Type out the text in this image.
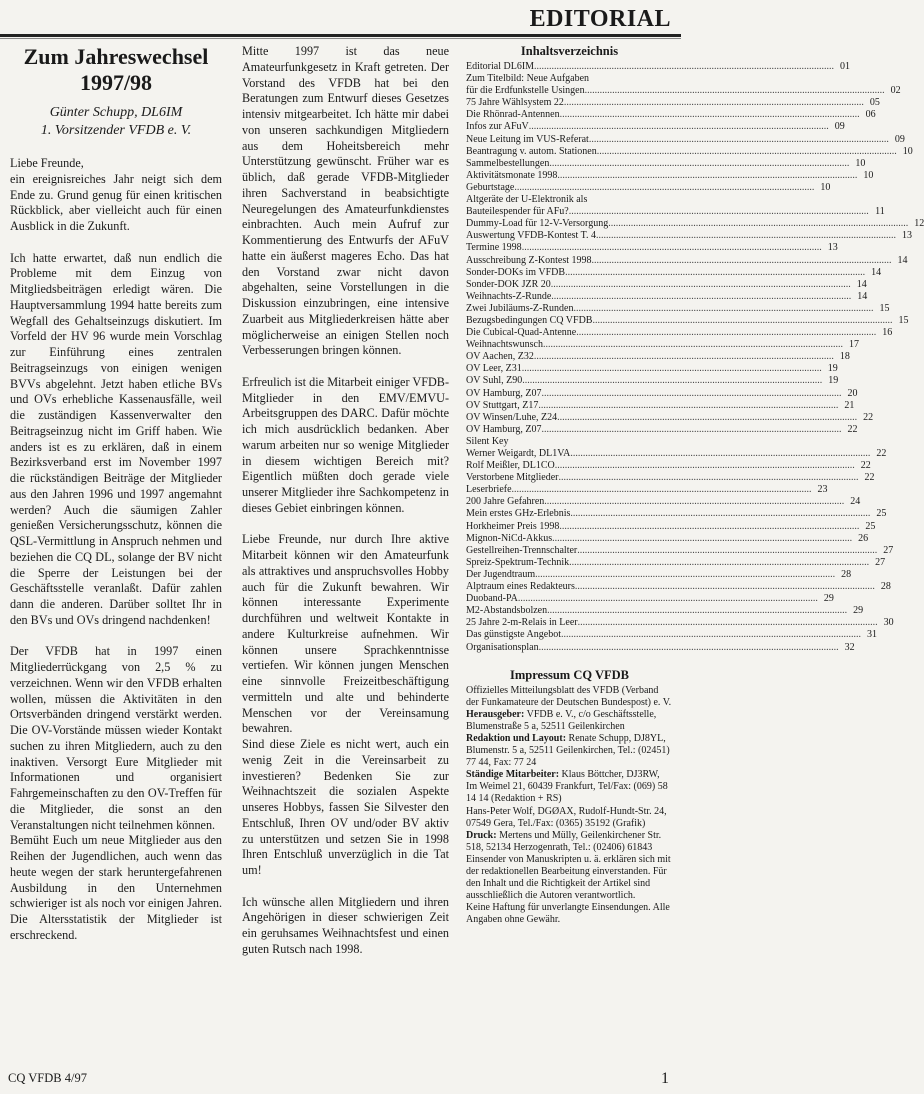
EDITORIAL
Zum Jahreswechsel 1997/98
Günter Schupp, DL6IM
1. Vorsitzender VFDB e. V.

Liebe Freunde,
ein ereignisreiches Jahr neigt sich dem Ende zu. Grund genug für einen kritischen Rückblick, aber vielleicht auch für einen Ausblick in die Zukunft.

Ich hatte erwartet, daß nun endlich die Probleme mit dem Einzug von Mitgliedsbeiträgen erledigt wären. Die Hauptversammlung 1994 hatte bereits zum Wegfall des Gehaltseinzugs diskutiert. Im Vorfeld der HV 96 wurde mein Vorschlag zur Einführung eines zentralen Beitragseinzugs von einigen wenigen BVVs abgelehnt. Jetzt haben etliche BVs und OVs erhebliche Kassenausfälle, weil die zuständigen Kassenverwalter den Beitragseinzug nicht im Griff haben. Wie anders ist es zu erklären, daß in einem Bezirksverband erst im November 1997 die rückständigen Beiträge der Mitglieder aus den Jahren 1996 und 1997 angemahnt werden? Auch die säumigen Zahler genießen Versicherungsschutz, können die QSL-Vermittlung in Anspruch nehmen und beziehen die CQ DL, solange der BV nicht die Sperre der Leistungen bei der Geschäftsstelle veranlaßt. Dafür zahlen dann die anderen. Darüber solltet Ihr in den BVs und OVs dringend nachdenken!

Der VFDB hat in 1997 einen Mitgliederrückgang von 2,5 % zu verzeichnen. Wenn wir den VFDB erhalten wollen, müssen die Aktivitäten in den Ortsverbänden dringend verstärkt werden. Die OV-Vorstände müssen wieder Kontakt suchen zu ihren Mitgliedern, auch zu den inaktiven. Versorgt Eure Mitglieder mit Informationen und organisiert Fahrgemeinschaften zu den OV-Treffen für die Mitglieder, die sonst an den Veranstaltungen nicht teilnehmen können.
Bemüht Euch um neue Mitglieder aus den Reihen der Jugendlichen, auch wenn das heute wegen der stark heruntergefahrenen Ausbildung in den Unternehmen schwieriger ist als noch vor einigen Jahren. Die Altersstatistik der Mitglieder ist erschreckend.

Mitte 1997 ist das neue Amateurfunkgesetz in Kraft getreten. Der Vorstand des VFDB hat bei den Beratungen zum Entwurf dieses Gesetzes intensiv mitgearbeitet. Ich hätte mir dabei von unseren sachkundigen Mitgliedern aus dem Hoheitsbereich mehr Unterstützung gewünscht. Früher war es üblich, daß gerade VFDB-Mitglieder ihren Sachverstand in beabsichtigte Neuregelungen des Amateurfunkdienstes einbrachten. Auch mein Aufruf zur Kommentierung des Entwurfs der AFuV hatte ein äußerst mageres Echo. Das hat den Vorstand zwar nicht davon abgehalten, seine Vorstellungen in die Diskussion einzubringen, eine intensive Zuarbeit aus Mitgliederkreisen hätte aber möglicherweise an einigen Stellen noch Verbesserungen bringen können.

Erfreulich ist die Mitarbeit einiger VFDB-Mitglieder in den EMV/EMVU-Arbeitsgruppen des DARC. Dafür möchte ich mich ausdrücklich bedanken. Aber warum arbeiten nur so wenige Mitglieder in diesem wichtigen Bereich mit? Eigentlich müßten doch gerade viele unserer Mitglieder ihre Sachkompetenz in dieses Gebiet einbringen können.

Liebe Freunde, nur durch Ihre aktive Mitarbeit können wir den Amateurfunk als attraktives und anspruchsvolles Hobby auch für die Zukunft bewahren. Wir können interessante Experimente durchführen und weltweit Kontakte in andere Kulturkreise aufnehmen. Wir können unsere Sprachkenntnisse vertiefen. Wir können jungen Menschen eine sinnvolle Freizeitbeschäftigung vermitteln und alte und behinderte Menschen vor der Vereinsamung bewahren.
Sind diese Ziele es nicht wert, auch ein wenig Zeit in die Vereinsarbeit zu investieren? Bedenken Sie zur Weihnachtszeit die sozialen Aspekte unseres Hobbys, fassen Sie Silvester den Entschluß, Ihren OV und/oder BV aktiv zu unterstützen und setzen Sie in 1998 Ihren Entschluß unverzüglich in die Tat um!

Ich wünsche allen Mitgliedern und ihren Angehörigen in dieser schwierigen Zeit ein geruhsames Weihnachtsfest und einen guten Rutsch nach 1998.

Inhaltsverzeichnis
Editorial DL6IM .....	01
Zum Titelbild: Neue Aufgaben
für die Erdfunkstelle Usingen .....	02
75 Jahre Wählsystem 22 .....	05
Die Rhönrad-Antennen .....	06
Infos zur AFuV .....	09
Neue Leitung im VUS-Referat .....	09
Beantragung v. autom. Stationen .....	10
Sammelbestellungen .....	10
Aktivitätsmonate 1998 .....	10
Geburtstage .....	10
Altgeräte der U-Elektronik als
Bauteilespender für AFu? .....	11
Dummy-Load für 12-V-Versorgung .....	12
Auswertung VFDB-Kontest T. 4 .....	13
Termine 1998 .....	13
Ausschreibung Z-Kontest 1998 .....	14
Sonder-DOKs im VFDB .....	14
Sonder-DOK JZR 20 .....	14
Weihnachts-Z-Runde .....	14
Zwei Jubiläums-Z-Runden .....	15
Bezugsbedingungen CQ VFDB .....	15
Die Cubical-Quad-Antenne .....	16
Weihnachtswunsch .....	17
OV Aachen, Z32 .....	18
OV Leer, Z31 .....	19
OV Suhl, Z90 .....	19
OV Hamburg, Z07 .....	20
OV Stuttgart, Z17 .....	21
OV Winsen/Luhe, Z24 .....	22
OV Hamburg, Z07 .....	22
Silent Key
Werner Weigardt, DL1VA .....	22
Rolf Meißler, DL1CO .....	22
Verstorbene Mitglieder .....	22
Leserbriefe .....	23
200 Jahre Gefahren .....	24
Mein erstes GHz-Erlebnis .....	25
Horkheimer Preis 1998 .....	25
Mignon-NiCd-Akkus .....	26
Gestellreihen-Trennschalter .....	27
Spreiz-Spektrum-Technik .....	27
Der Jugendtraum .....	28
Alptraum eines Redakteurs .....	28
Duoband-PA .....	29
M2-Abstandsbolzen .....	29
25 Jahre 2-m-Relais in Leer .....	30
Das günstigste Angebot .....	31
Organisationsplan .....	32
Impressum CQ VFDB

Offizielles Mitteilungsblatt des VFDB (Verband der Funkamateure der Deutschen Bundespost) e. V.

Herausgeber: VFDB e. V., c/o Geschäftsstelle, Blumenstraße 5 a, 52511 Geilenkirchen

Redaktion und Layout: Renate Schupp, DJ8YL, Blumenstr. 5 a, 52511 Geilenkirchen, Tel.: (02451) 77 44, Fax: 77 24

Ständige Mitarbeiter: Klaus Böttcher, DJ3RW, Im Weimel 21, 60439 Frankfurt, Tel/Fax: (069) 58 14 14 (Redaktion + RS)
Hans-Peter Wolf, DGØAX, Rudolf-Hundt-Str. 24, 07549 Gera, Tel./Fax: (0365) 35192 (Grafik)

Druck: Mertens und Mülly, Geilenkirchener Str. 518, 52134 Herzogenrath, Tel.: (02406) 61843
Einsender von Manuskripten u. ä. erklären sich mit der redaktionellen Bearbeitung einverstanden. Für den Inhalt und die Richtigkeit der Artikel sind ausschließlich die Autoren verantwortlich.
Keine Haftung für unverlangte Einsendungen. Alle Angaben ohne Gewähr.

CQ VFDB 4/97	1
